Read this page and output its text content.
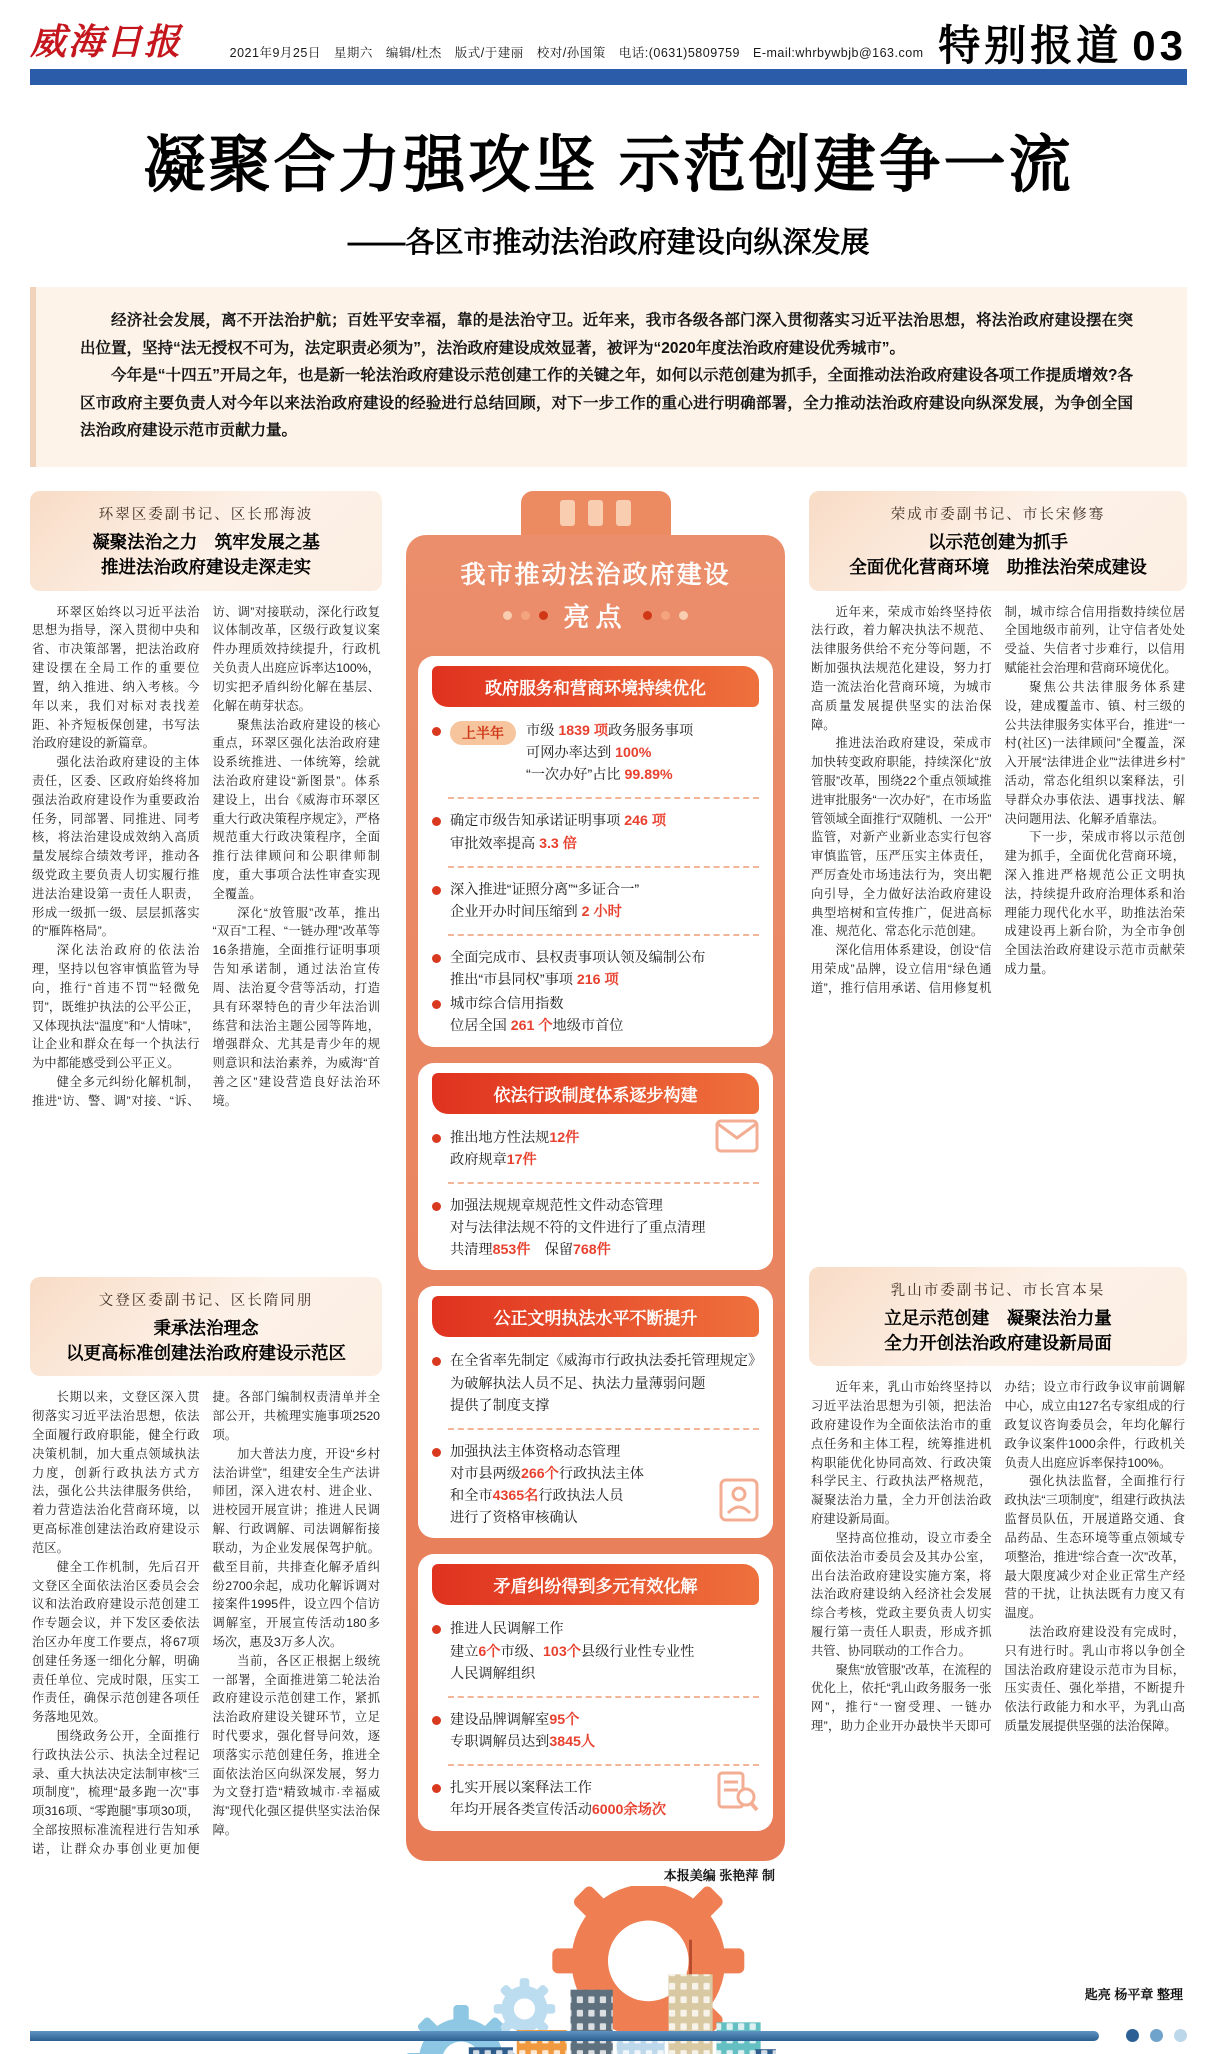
威海日报	2021年9月25日　星期六　编辑/杜杰　版式/于建丽　校对/孙国策　电话:(0631)5809759　E-mail:whrbywbjb@163.com 特别报道 03
凝聚合力强攻坚 示范创建争一流
——各区市推动法治政府建设向纵深发展

经济社会发展，离不开法治护航；百姓平安幸福，靠的是法治守卫。近年来，我市各级各部门深入贯彻落实习近平法治思想，将法治政府建设摆在突出位置，坚持“法无授权不可为，法定职责必须为”，法治政府建设成效显著，被评为“2020年度法治政府建设优秀城市”。

今年是“十四五”开局之年，也是新一轮法治政府建设示范创建工作的关键之年，如何以示范创建为抓手，全面推动法治政府建设各项工作提质增效?各区市政府主要负责人对今年以来法治政府建设的经验进行总结回顾，对下一步工作的重心进行明确部署，全力推动法治政府建设向纵深发展，为争创全国法治政府建设示范市贡献力量。

环翠区委副书记、区长邢海波
凝聚法治之力　筑牢发展之基
推进法治政府建设走深走实

环翠区始终以习近平法治思想为指导，深入贯彻中央和省、市决策部署，把法治政府建设摆在全局工作的重要位置，纳入推进、纳入考核。今年以来，我们对标对表找差距、补齐短板保创建，书写法治政府建设的新篇章。

强化法治政府建设的主体责任，区委、区政府始终将加强法治政府建设作为重要政治任务，同部署、同推进、同考核，将法治建设成效纳入高质量发展综合绩效考评，推动各级党政主要负责人切实履行推进法治建设第一责任人职责，形成一级抓一级、层层抓落实的“雁阵格局”。

深化法治政府的依法治理，坚持以包容审慎监管为导向，推行“首违不罚”“轻微免罚”，既维护执法的公平公正，又体现执法“温度”和“人情味”，让企业和群众在每一个执法行为中都能感受到公平正义。

健全多元纠纷化解机制，推进“访、警、调”对接、“诉、访、调”对接联动，深化行政复议体制改革，区级行政复议案件办理质效持续提升，行政机关负责人出庭应诉率达100%，切实把矛盾纠纷化解在基层、化解在萌芽状态。

聚焦法治政府建设的核心重点，环翠区强化法治政府建设系统推进、一体统筹，绘就法治政府建设“新图景”。体系建设上，出台《威海市环翠区重大行政决策程序规定》，严格规范重大行政决策程序，全面推行法律顾问和公职律师制度，重大事项合法性审查实现全覆盖。

深化“放管服”改革，推出“双百”工程、“一链办理”改革等16条措施，全面推行证明事项告知承诺制，通过法治宣传周、法治夏令营等活动，打造具有环翠特色的青少年法治训练营和法治主题公园等阵地，增强群众、尤其是青少年的规则意识和法治素养，为威海“首善之区”建设营造良好法治环境。

文登区委副书记、区长隋同朋
秉承法治理念
以更高标准创建法治政府建设示范区

长期以来，文登区深入贯彻落实习近平法治思想，依法全面履行政府职能，健全行政决策机制，加大重点领域执法力度，创新行政执法方式方法，强化公共法律服务供给，着力营造法治化营商环境，以更高标准创建法治政府建设示范区。

健全工作机制，先后召开文登区全面依法治区委员会会议和法治政府建设示范创建工作专题会议，并下发区委依法治区办年度工作要点，将67项创建任务逐一细化分解，明确责任单位、完成时限，压实工作责任，确保示范创建各项任务落地见效。

围绕政务公开，全面推行行政执法公示、执法全过程记录、重大执法决定法制审核“三项制度”，梳理“最多跑一次”事项316项、“零跑腿”事项30项，全部按照标准流程进行告知承诺，让群众办事创业更加便捷。各部门编制权责清单并全部公开，共梳理实施事项2520项。

加大普法力度，开设“乡村法治讲堂”，组建安全生产法讲师团，深入进农村、进企业、进校园开展宣讲；推进人民调解、行政调解、司法调解衔接联动，为企业发展保驾护航。截至目前，共排查化解矛盾纠纷2700余起，成功化解诉调对接案件1995件，设立四个信访调解室，开展宣传活动180多场次，惠及3万多人次。

当前，各区正根据上级统一部署，全面推进第二轮法治政府建设示范创建工作，紧抓法治政府建设关键环节，立足时代要求，强化督导问效，逐项落实示范创建任务，推进全面依法治区向纵深发展，努力为文登打造“精致城市·幸福威海”现代化强区提供坚实法治保障。

我市推动法治政府建设
亮点
政府服务和营商环境持续优化
上半年	市级 1839 项政务服务事项
可网办率达到 100%
“一次办好”占比 99.89%
确定市级告知承诺证明事项 246 项
审批效率提高 3.3 倍
深入推进“证照分离”“多证合一”
企业开办时间压缩到 2 小时
全面完成市、县权责事项认领及编制公布
推出“市县同权”事项 216 项
城市综合信用指数
位居全国 261 个地级市首位
依法行政制度体系逐步构建
推出地方性法规12件
政府规章17件
加强法规规章规范性文件动态管理
对与法律法规不符的文件进行了重点清理
共清理853件　保留768件
公正文明执法水平不断提升
在全省率先制定《威海市行政执法委托管理规定》
为破解执法人员不足、执法力量薄弱问题
提供了制度支撑
加强执法主体资格动态管理
对市县两级266个行政执法主体
和全市4365名行政执法人员
进行了资格审核确认
矛盾纠纷得到多元有效化解
推进人民调解工作
建立6个市级、103个县级行业性专业性
人民调解组织
建设品牌调解室95个
专职调解员达到3845人
扎实开展以案释法工作
年均开展各类宣传活动6000余场次
本报美编 张艳萍 制
荣成市委副书记、市长宋修骞
以示范创建为抓手
全面优化营商环境　助推法治荣成建设

近年来，荣成市始终坚持依法行政，着力解决执法不规范、法律服务供给不充分等问题，不断加强执法规范化建设，努力打造一流法治化营商环境，为城市高质量发展提供坚实的法治保障。

推进法治政府建设，荣成市加快转变政府职能，持续深化“放管服”改革，围绕22个重点领域推进审批服务“一次办好”，在市场监管领域全面推行“双随机、一公开”监管，对新产业新业态实行包容审慎监管，压严压实主体责任，严厉查处市场违法行为，突出靶向引导，全力做好法治政府建设典型培树和宣传推广，促进高标准、规范化、常态化示范创建。

深化信用体系建设，创设“信用荣成”品牌，设立信用“绿色通道”，推行信用承诺、信用修复机制，城市综合信用指数持续位居全国地级市前列，让守信者处处受益、失信者寸步难行，以信用赋能社会治理和营商环境优化。

聚焦公共法律服务体系建设，建成覆盖市、镇、村三级的公共法律服务实体平台，推进“一村(社区)一法律顾问”全覆盖，深入开展“法律进企业”“法律进乡村”活动，常态化组织以案释法，引导群众办事依法、遇事找法、解决问题用法、化解矛盾靠法。

下一步，荣成市将以示范创建为抓手，全面优化营商环境，深入推进严格规范公正文明执法，持续提升政府治理体系和治理能力现代化水平，助推法治荣成建设再上新台阶，为全市争创全国法治政府建设示范市贡献荣成力量。

乳山市委副书记、市长宫本杲
立足示范创建　凝聚法治力量
全力开创法治政府建设新局面

近年来，乳山市始终坚持以习近平法治思想为引领，把法治政府建设作为全面依法治市的重点任务和主体工程，统筹推进机构职能优化协同高效、行政决策科学民主、行政执法严格规范，凝聚法治力量，全力开创法治政府建设新局面。

坚持高位推动，设立市委全面依法治市委员会及其办公室，出台法治政府建设实施方案，将法治政府建设纳入经济社会发展综合考核，党政主要负责人切实履行第一责任人职责，形成齐抓共管、协同联动的工作合力。

聚焦“放管服”改革，在流程的优化上，依托“乳山政务服务一张网”，推行“一窗受理、一链办理”，助力企业开办最快半天即可办结；设立市行政争议审前调解中心，成立由127名专家组成的行政复议咨询委员会，年均化解行政争议案件1000余件，行政机关负责人出庭应诉率保持100%。

强化执法监督，全面推行行政执法“三项制度”，组建行政执法监督员队伍，开展道路交通、食品药品、生态环境等重点领域专项整治，推进“综合查一次”改革，最大限度减少对企业正常生产经营的干扰，让执法既有力度又有温度。

法治政府建设没有完成时，只有进行时。乳山市将以争创全国法治政府建设示范市为目标，压实责任、强化举措，不断提升依法行政能力和水平，为乳山高质量发展提供坚强的法治保障。

匙亮 杨平章 整理
